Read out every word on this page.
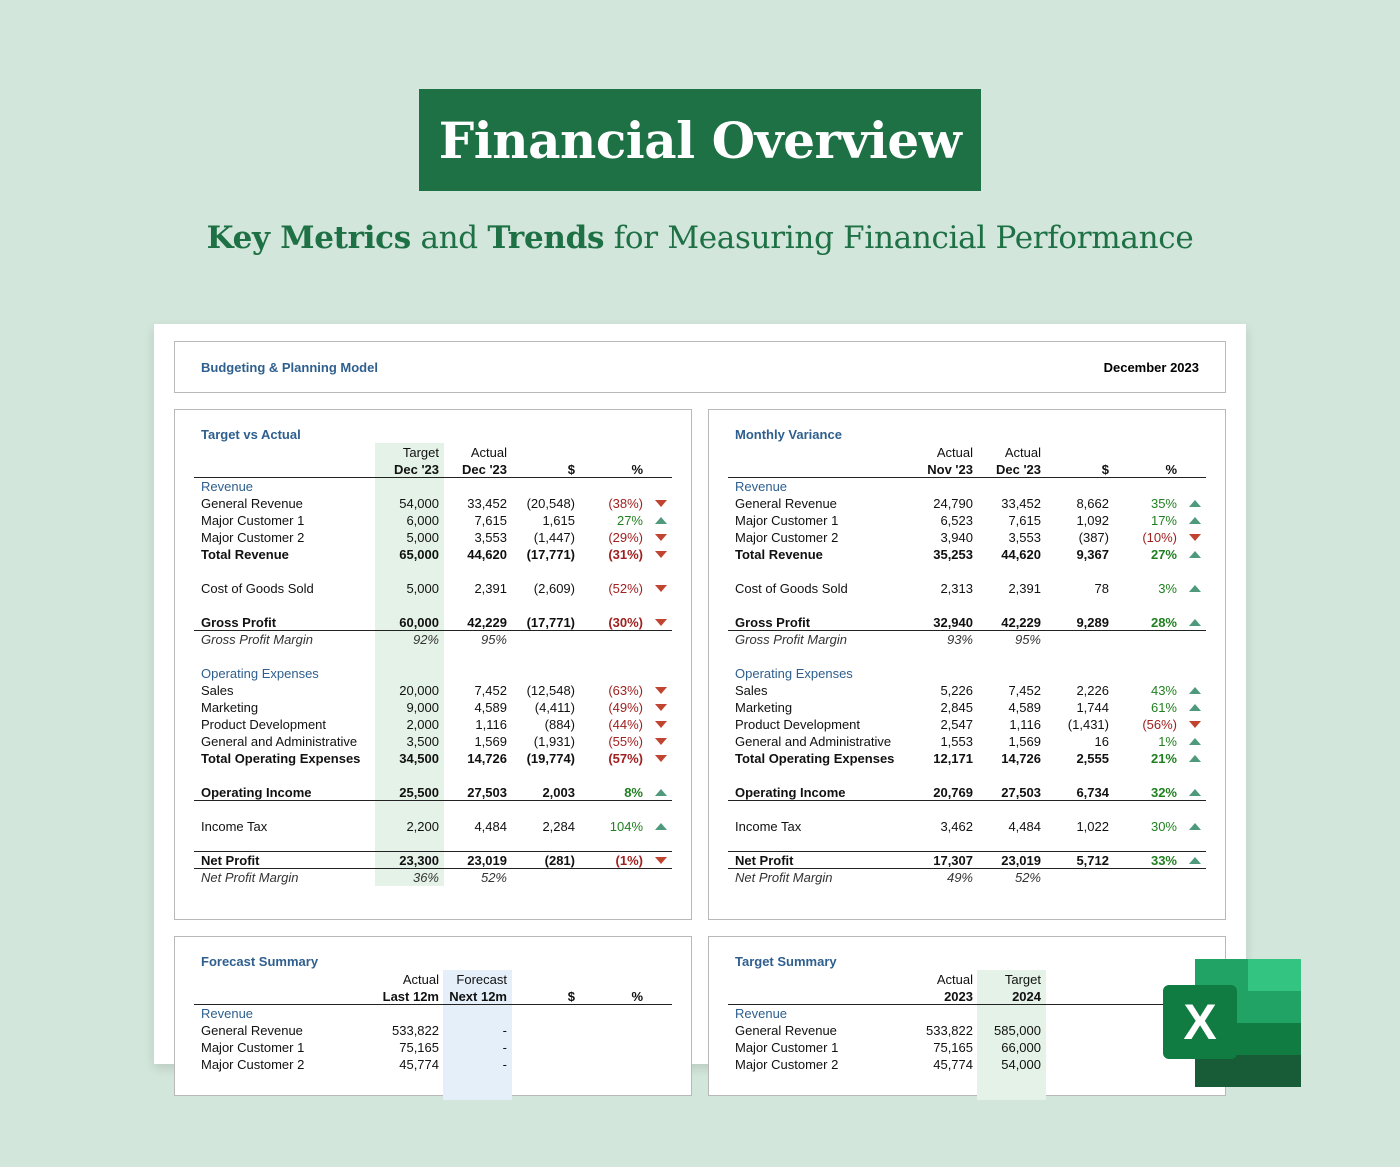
Financial Overview
Key Metrics and Trends for Measuring Financial Performance
Budgeting & Planning Model	December 2023
Target vs Actual
Target Actual
Dec '23 Dec '23	$	%
Revenue
General Revenue	54,000 33,452 (20,548)	(38%)
Major Customer 1	6,000	7,615	1,615	27%
Major Customer 2	5,000	3,553 (1,447)	(29%)
Total Revenue	65,000 44,620 (17,771)	(31%)
Cost of Goods Sold	5,000	2,391 (2,609)	(52%)
Gross Profit	60,000 42,229 (17,771)	(30%)
Gross Profit Margin	92%	95%
Operating Expenses
Sales	20,000	7,452 (12,548)	(63%)
Marketing	9,000	4,589 (4,411)	(49%)
Product Development	2,000	1,116	(884)	(44%)
General and Administrative	3,500	1,569 (1,931)	(55%)
Total Operating Expenses	34,500 14,726 (19,774)	(57%)
Operating Income	25,500 27,503	2,003	8%
Income Tax	2,200	4,484	2,284	104%
Net Profit	23,300 23,019	(281)	(1%)
Net Profit Margin	36%	52%
Monthly Variance
Actual Actual
Nov '23 Dec '23	$	%
Revenue
General Revenue	24,790 33,452	8,662	35%
Major Customer 1	6,523	7,615	1,092	17%
Major Customer 2	3,940	3,553	(387)	(10%)
Total Revenue	35,253 44,620	9,367	27%
Cost of Goods Sold	2,313	2,391	78	3%
Gross Profit	32,940 42,229	9,289	28%
Gross Profit Margin	93%	95%
Operating Expenses
Sales	5,226	7,452	2,226	43%
Marketing	2,845	4,589	1,744	61%
Product Development	2,547	1,116 (1,431)	(56%)
General and Administrative	1,553	1,569	16	1%
Total Operating Expenses	12,171 14,726	2,555	21%
Operating Income	20,769 27,503	6,734	32%
Income Tax	3,462	4,484	1,022	30%
Net Profit	17,307 23,019	5,712	33%
Net Profit Margin	49%	52%
Forecast Summary
Actual Forecast
Last 12m Next 12m	$	%
Revenue
General Revenue	533,822	-
Major Customer 1	75,165	-
Major Customer 2	45,774	-
Target Summary
Actual Target
2023	2024
Revenue
General Revenue	533,822 585,000
Major Customer 1	75,165 66,000
Major Customer 2	45,774 54,000
X
